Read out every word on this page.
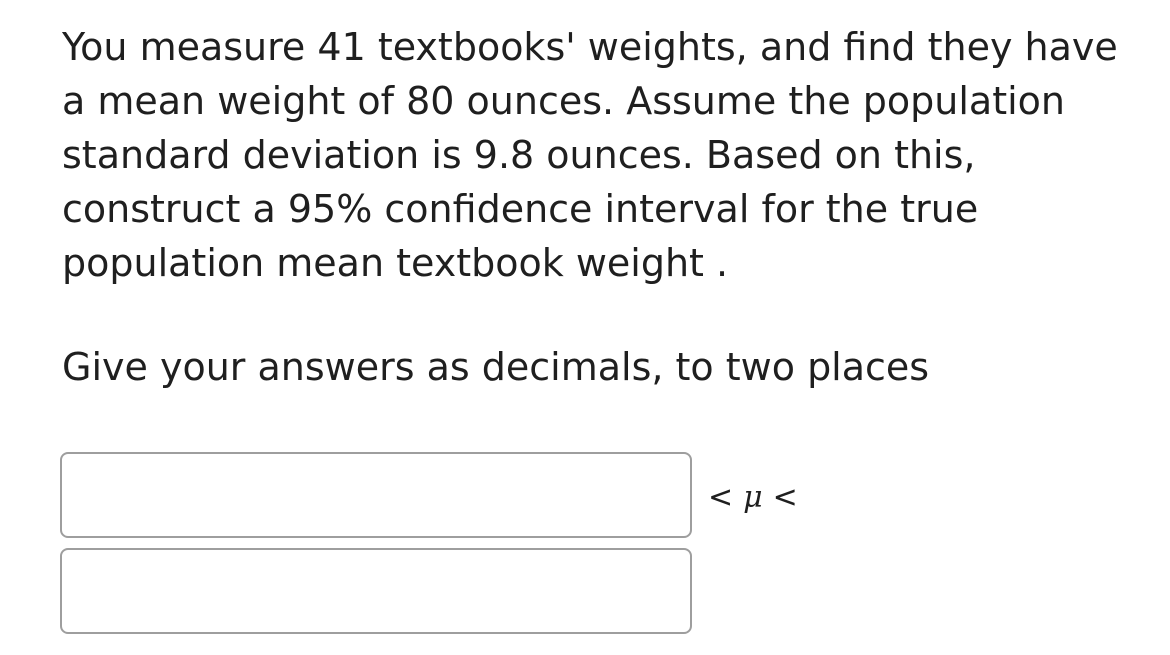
You measure 41 textbooks' weights, and find they have
a mean weight of 80 ounces. Assume the population
standard deviation is 9.8 ounces. Based on this,
construct a 95% confidence interval for the true
population mean textbook weight .
Give your answers as decimals, to two places
< μ <
